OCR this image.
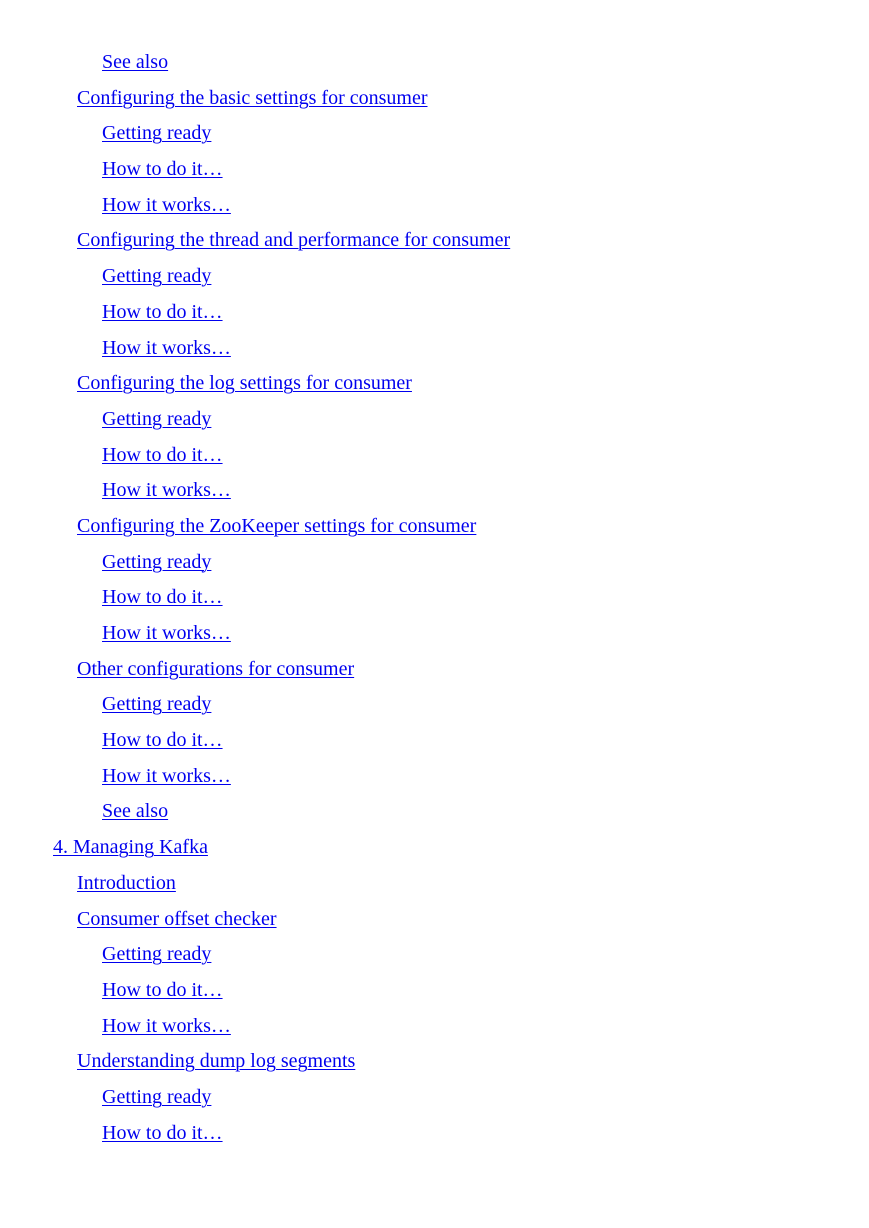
See also
Configuring the basic settings for consumer
Getting ready
How to do it…
How it works…
Configuring the thread and performance for consumer
Getting ready
How to do it…
How it works…
Configuring the log settings for consumer
Getting ready
How to do it…
How it works…
Configuring the ZooKeeper settings for consumer
Getting ready
How to do it…
How it works…
Other configurations for consumer
Getting ready
How to do it…
How it works…
See also
4. Managing Kafka
Introduction
Consumer offset checker
Getting ready
How to do it…
How it works…
Understanding dump log segments
Getting ready
How to do it…
